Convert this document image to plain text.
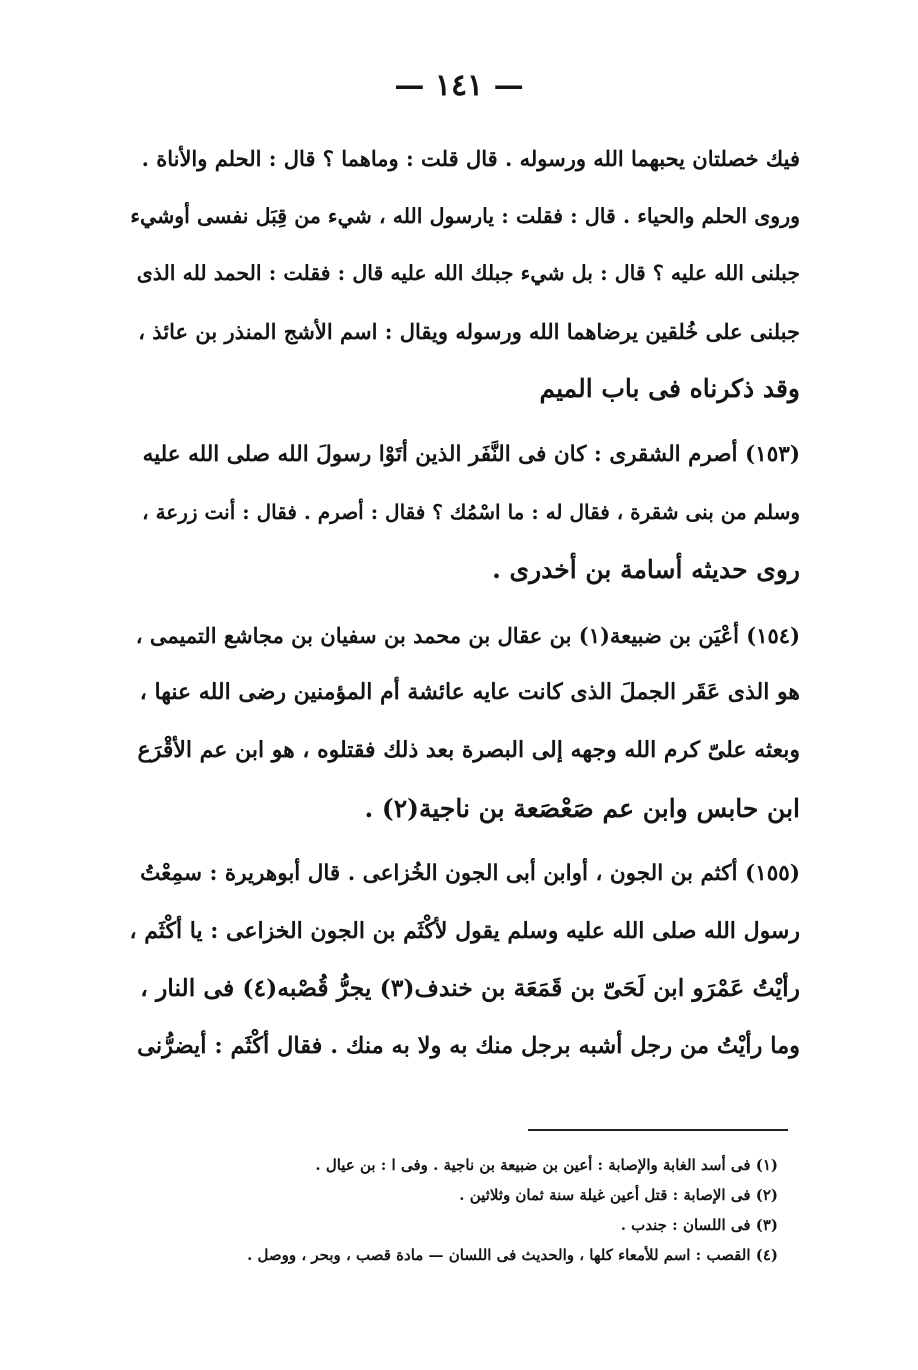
— ١٤١ —
فيك خصلتان يحبهما الله ورسوله . قال قلت : وماهما ؟ قال : الحلم والأناة .
وروى الحلم والحياء . قال : فقلت : يارسول الله ، شيء من قِبَل نفسى أوشيء
جبلنى الله عليه ؟ قال : بل شيء جبلك الله عليه قال : فقلت : الحمد لله الذى
جبلنى على خُلقين يرضاهما الله ورسوله ويقال : اسم الأشج المنذر بن عائذ ،
وقد ذكرناه فى باب الميم
(١٥٣) أصرم الشقرى : كان فى النَّفَر الذين أتَوْا رسولَ الله صلى الله عليه
وسلم من بنى شقرة ، فقال له : ما اسْمُك ؟ فقال : أصرم . فقال : أنت زرعة ،
روى حديثه أسامة بن أخدرى .
(١٥٤) أعْيَن بن ضبيعة(١) بن عقال بن محمد بن سفيان بن مجاشع التميمى ،
هو الذى عَقَر الجملَ الذى كانت عايه عائشة أم المؤمنين رضى الله عنها ،
وبعثه علىّ كرم الله وجهه إلى البصرة بعد ذلك فقتلوه ، هو ابن عم الأقْرَع
ابن حابس وابن عم صَعْصَعة بن ناجية(٢) .
(١٥٥) أكثم بن الجون ، أوابن أبى الجون الخُزاعى . قال أبوهريرة : سمِعْتُ
رسول الله صلى الله عليه وسلم يقول لأكْثَم بن الجون الخزاعى : يا أكْثَم ،
رأيْتُ عَمْرَو ابن لَحَىّ بن قَمَعَة بن خندف(٣) يجرُّ قُصْبه(٤) فى النار ،
وما رأيْتُ من رجل أشبه برجل منك به ولا به منك . فقال أكْثَم : أيضرُّنى
(١) فى أسد الغابة والإصابة : أعين بن ضبيعة بن ناجية . وفى ا : بن عيال .
(٢) فى الإصابة : قتل أعين غيلة سنة ثمان وثلاثين .
(٣) فى اللسان : جندب .
(٤) القصب : اسم للأمعاء كلها ، والحديث فى اللسان — مادة قصب ، وبحر ، ووصل .
